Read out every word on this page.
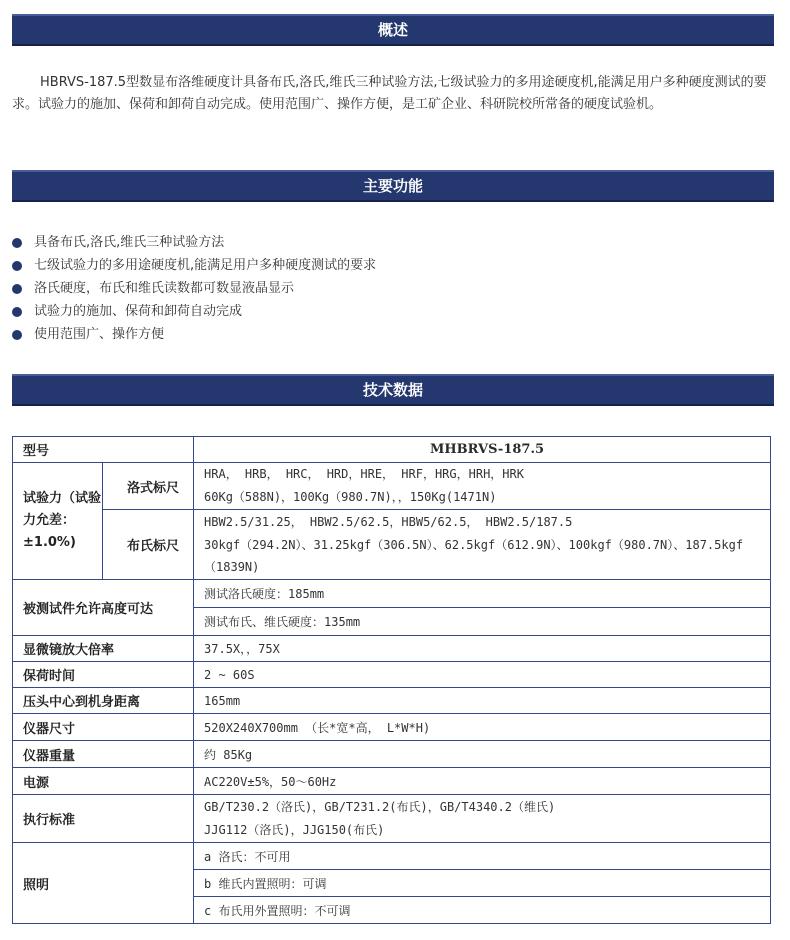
概述

HBRVS-187.5型数显布洛维硬度计具备布氏,洛氏,维氏三种试验方法,七级试验力的多用途硬度机,能满足用户多种硬度测试的要求。试验力的施加、保荷和卸荷自动完成。使用范围广、操作方便，是工矿企业、科研院校所常备的硬度试验机。

主要功能
具备布氏,洛氏,维氏三种试验方法
七级试验力的多用途硬度机,能满足用户多种硬度测试的要求
洛氏硬度，布氏和维氏读数都可数显液晶显示
试验力的施加、保荷和卸荷自动完成
使用范围广、操作方便
技术数据
型号		MHBRVS-187.5
试验力（试验力允差：±1.0%)	洛式标尺	HRA， HRB， HRC， HRD，HRE， HRF，HRG，HRH，HRK
60Kg（588N)，100Kg（980.7N)，，150Kg(1471N)

	布氏标尺	HBW2.5/31.25， HBW2.5/62.5，HBW5/62.5， HBW2.5/187.5
30kgf（294.2N）、31.25kgf（306.5N）、62.5kgf（612.9N）、100kgf（980.7N）、187.5kgf（1839N)

被测试件允许高度可达		测试洛氏硬度：185mm
		测试布氏、维氏硬度：135mm
显微镜放大倍率		37.5X，，75X
保荷时间		2 ~ 60S
压头中心到机身距离		165mm
仪器尺寸		520X240X700mm （长*宽*高， L*W*H)
仪器重量		约 85Kg
电源		AC220V±5%，50～60Hz
执行标准		GB/T230.2（洛氏)，GB/T231.2(布氏)，GB/T4340.2（维氏)
JJG112（洛氏)，JJG150(布氏)

照明		a 洛氏：不可用
		b 维氏内置照明：可调
		c 布氏用外置照明：不可调
